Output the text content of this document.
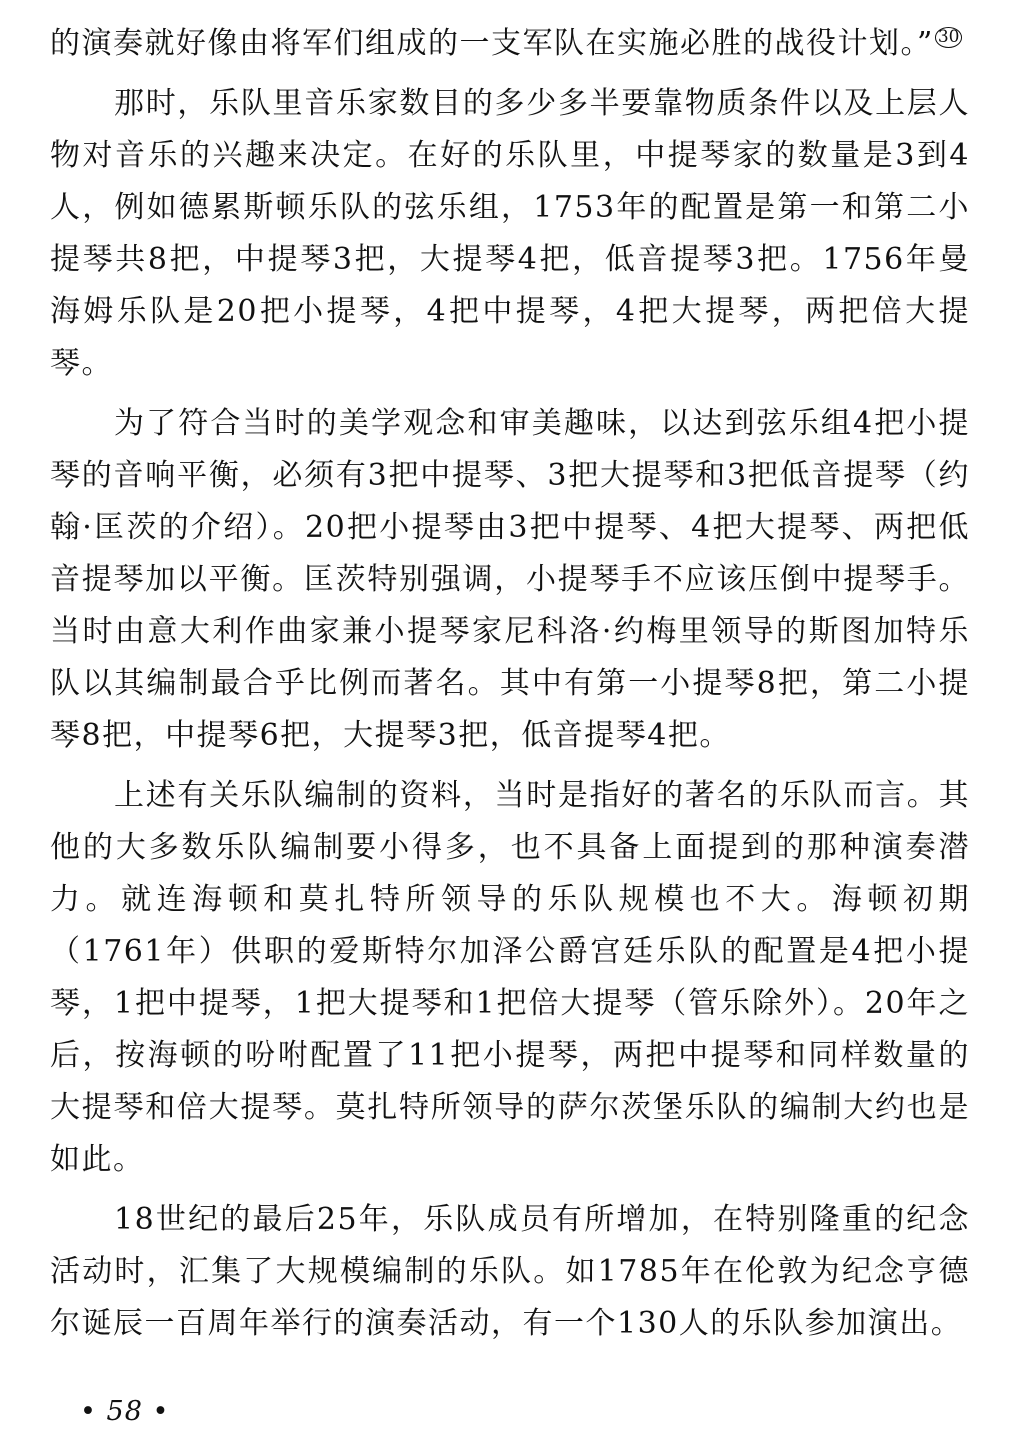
的演奏就好像由将军们组成的一支军队在实施必胜的战役计划。” 30

那时，乐队里音乐家数目的多少多半要靠物质条件以及上层人物对音乐的兴趣来决定。在好的乐队里，中提琴家的数量是3到4人，例如德累斯顿乐队的弦乐组，1753年的配置是第一和第二小提琴共8把，中提琴3把，大提琴4把，低音提琴3把。1756年曼海姆乐队是20把小提琴，4把中提琴，4把大提琴，两把倍大提琴。

为了符合当时的美学观念和审美趣味，以达到弦乐组4把小提琴的音响平衡，必须有3把中提琴、3把大提琴和3把低音提琴（约翰·匡茨的介绍）。20把小提琴由3把中提琴、4把大提琴、两把低音提琴加以平衡。匡茨特别强调，小提琴手不应该压倒中提琴手。当时由意大利作曲家兼小提琴家尼科洛·约梅里领导的斯图加特乐队以其编制最合乎比例而著名。其中有第一小提琴8把，第二小提琴8把，中提琴6把，大提琴3把，低音提琴4把。

上述有关乐队编制的资料，当时是指好的著名的乐队而言。其他的大多数乐队编制要小得多，也不具备上面提到的那种演奏潜力。就连海顿和莫扎特所领导的乐队规模也不大。海顿初期（1761年）供职的爱斯特尔加泽公爵宫廷乐队的配置是4把小提琴，1把中提琴，1把大提琴和1把倍大提琴（管乐除外）。20年之后，按海顿的吩咐配置了11把小提琴，两把中提琴和同样数量的大提琴和倍大提琴。莫扎特所领导的萨尔茨堡乐队的编制大约也是如此。

18世纪的最后25年，乐队成员有所增加，在特别隆重的纪念活动时，汇集了大规模编制的乐队。如1785年在伦敦为纪念亨德尔诞辰一百周年举行的演奏活动，有一个130人的乐队参加演出。

• 58 •
